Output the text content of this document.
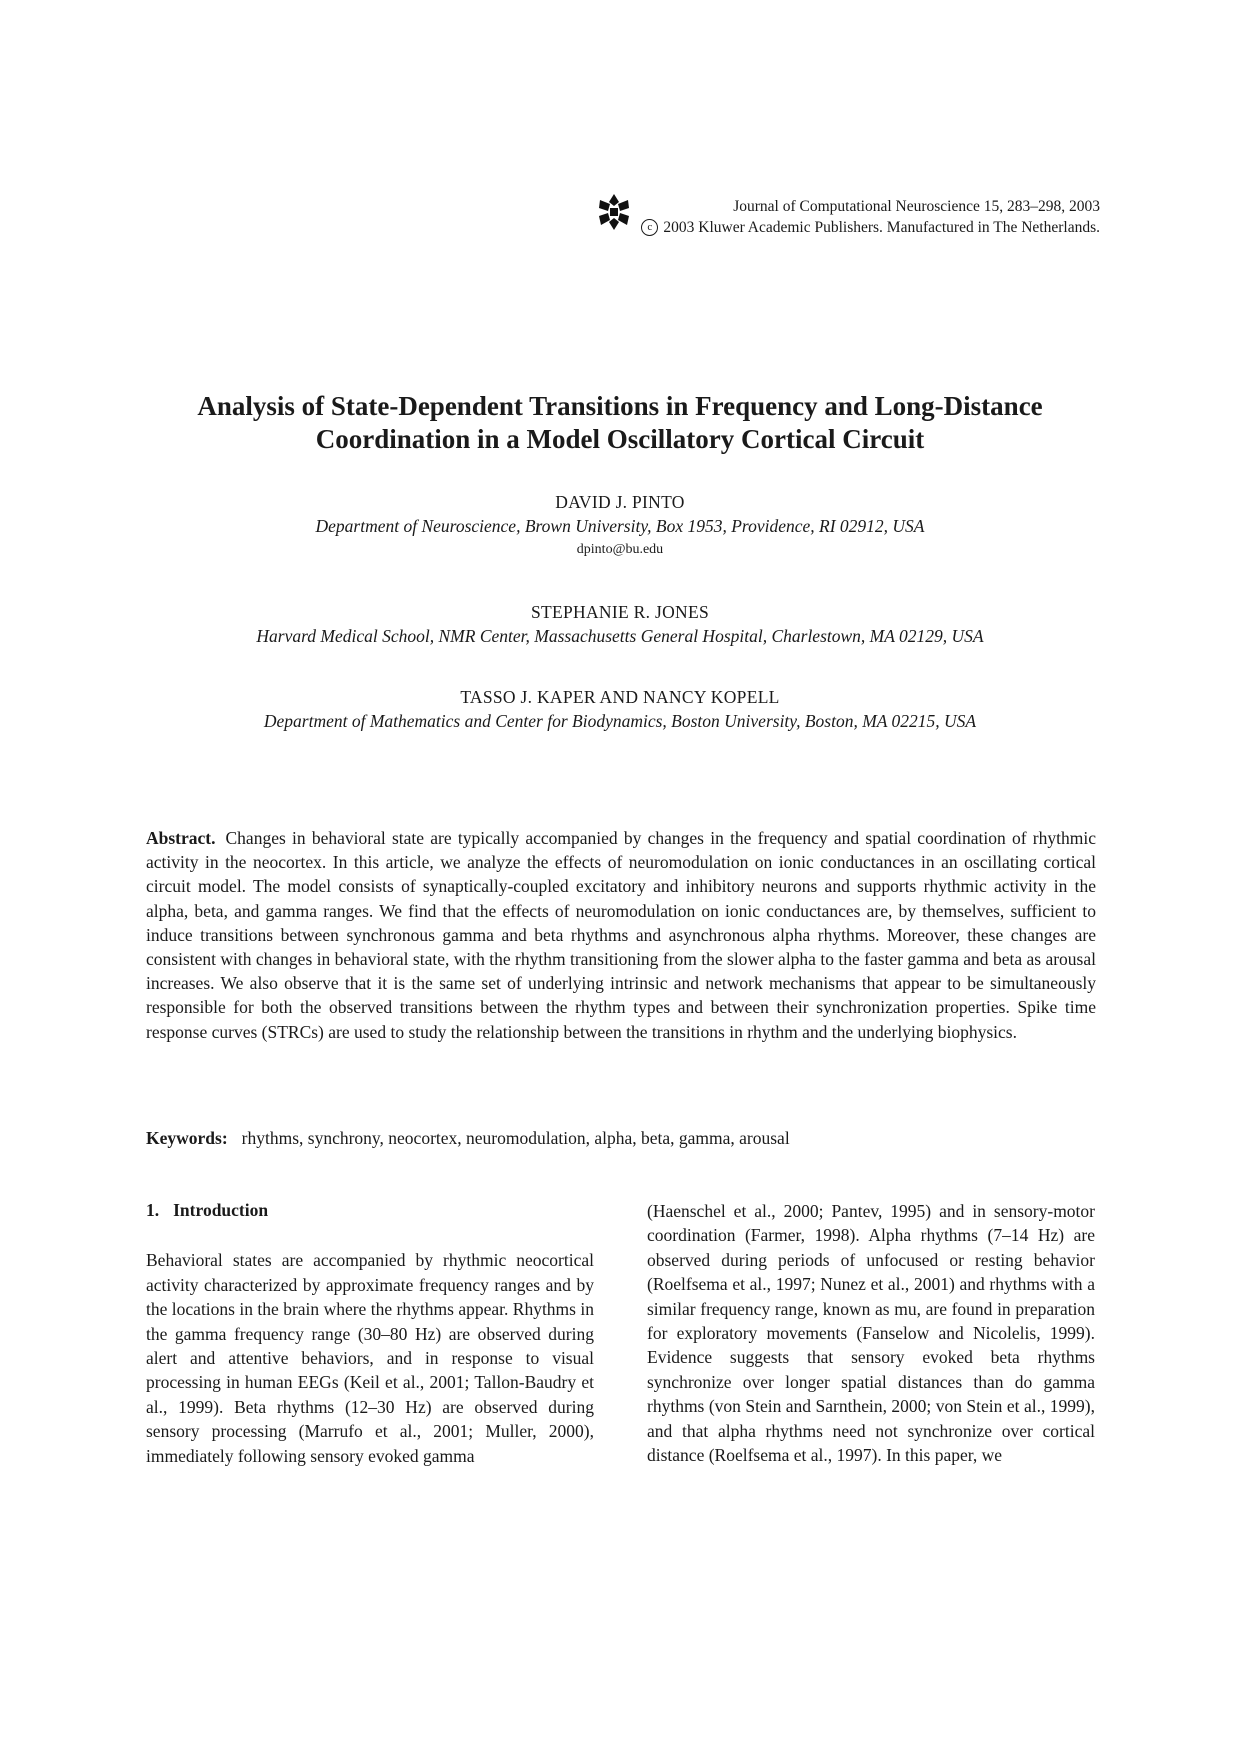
Journal of Computational Neuroscience 15, 283–298, 2003
c 2003 Kluwer Academic Publishers. Manufactured in The Netherlands.
Analysis of State-Dependent Transitions in Frequency and Long-Distance
Coordination in a Model Oscillatory Cortical Circuit
DAVID J. PINTO
Department of Neuroscience, Brown University, Box 1953, Providence, RI 02912, USA
dpinto@bu.edu
STEPHANIE R. JONES
Harvard Medical School, NMR Center, Massachusetts General Hospital, Charlestown, MA 02129, USA
TASSO J. KAPER AND NANCY KOPELL
Department of Mathematics and Center for Biodynamics, Boston University, Boston, MA 02215, USA
Abstract. Changes in behavioral state are typically accompanied by changes in the frequency and spatial coordination of rhythmic activity in the neocortex. In this article, we analyze the effects of neuromodulation on ionic conductances in an oscillating cortical circuit model. The model consists of synaptically-coupled excitatory and inhibitory neurons and supports rhythmic activity in the alpha, beta, and gamma ranges. We find that the effects of neuromodulation on ionic conductances are, by themselves, sufficient to induce transitions between synchronous gamma and beta rhythms and asynchronous alpha rhythms. Moreover, these changes are consistent with changes in behavioral state, with the rhythm transitioning from the slower alpha to the faster gamma and beta as arousal increases. We also observe that it is the same set of underlying intrinsic and network mechanisms that appear to be simultaneously responsible for both the observed transitions between the rhythm types and between their synchronization properties. Spike time response curves (STRCs) are used to study the relationship between the transitions in rhythm and the underlying biophysics.
Keywords: rhythms, synchrony, neocortex, neuromodulation, alpha, beta, gamma, arousal
1. Introduction

Behavioral states are accompanied by rhythmic neocortical activity characterized by approximate frequency ranges and by the locations in the brain where the rhythms appear. Rhythms in the gamma frequency range (30–80 Hz) are observed during alert and attentive behaviors, and in response to visual processing in human EEGs (Keil et al., 2001; Tallon-Baudry et al., 1999). Beta rhythms (12–30 Hz) are observed during sensory processing (Marrufo et al., 2001; Muller, 2000), immediately following sensory evoked gamma

(Haenschel et al., 2000; Pantev, 1995) and in sensory-motor coordination (Farmer, 1998). Alpha rhythms (7–14 Hz) are observed during periods of unfocused or resting behavior (Roelfsema et al., 1997; Nunez et al., 2001) and rhythms with a similar frequency range, known as mu, are found in preparation for exploratory movements (Fanselow and Nicolelis, 1999). Evidence suggests that sensory evoked beta rhythms synchronize over longer spatial distances than do gamma rhythms (von Stein and Sarnthein, 2000; von Stein et al., 1999), and that alpha rhythms need not synchronize over cortical distance (Roelfsema et al., 1997). In this paper, we
